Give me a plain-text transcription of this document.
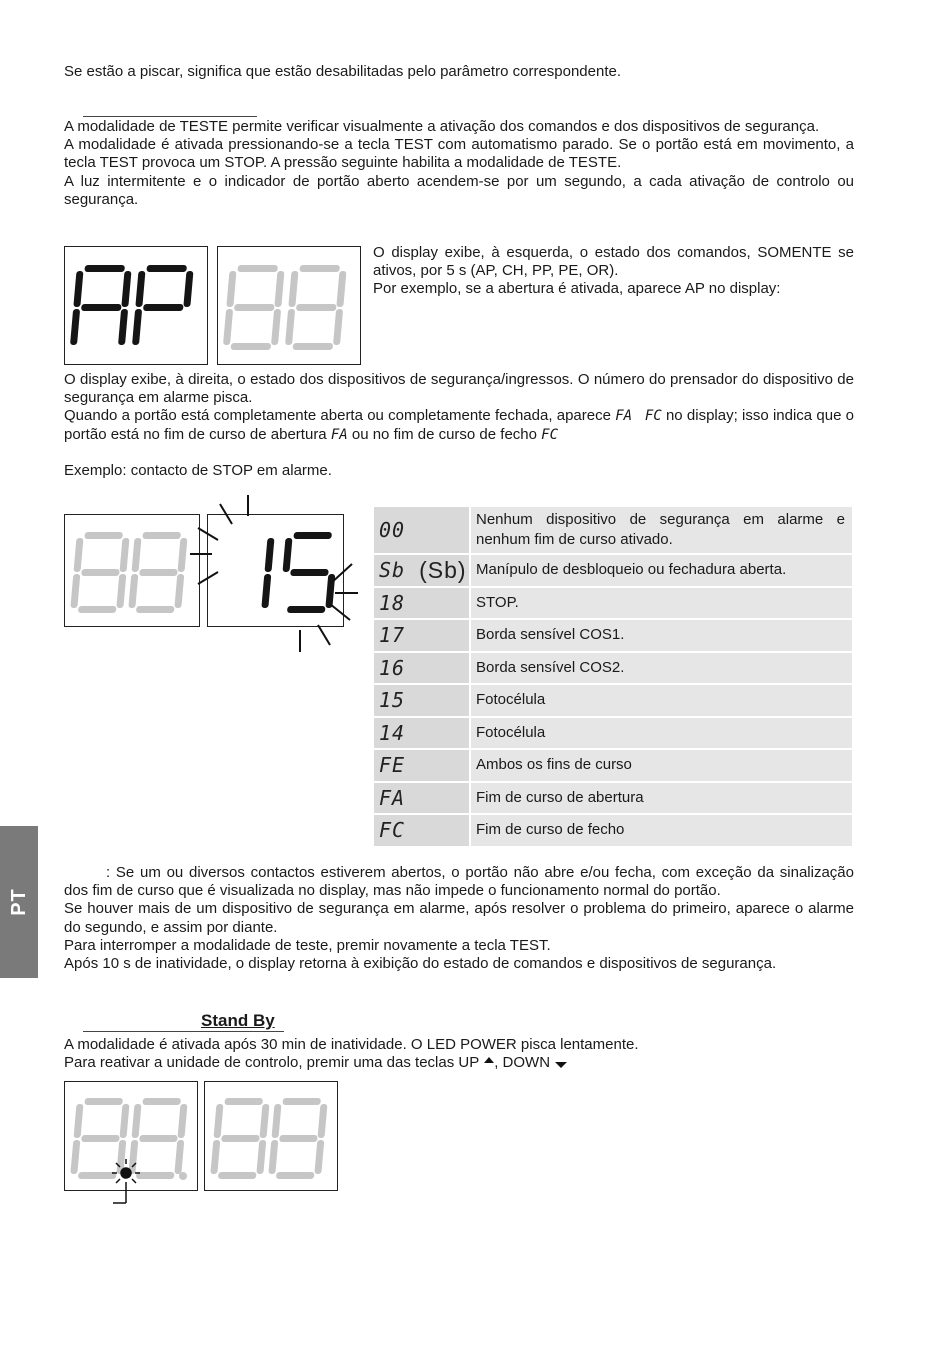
Se estão a piscar, significa que estão desabilitadas pelo parâmetro correspondente.

A modalidade de TESTE permite verificar visualmente a ativação dos comandos e dos dispositivos de segurança.

A modalidade é ativada pressionando-se a tecla TEST com automatismo parado. Se o portão está em movimento, a tecla TEST provoca um STOP. A pressão seguinte habilita a modalidade de TESTE.

A luz intermitente e o indicador de portão aberto acendem-se por um segundo, a cada ativação de controlo ou segurança.

O display exibe, à esquerda, o estado dos comandos, SOMENTE se ativos, por 5 s (AP, CH, PP, PE, OR).

Por exemplo, se a abertura é ativada, aparece AP no display:

O display exibe, à direita, o estado dos dispositivos de segurança/ingressos. O número do prensador do dispositivo de segurança em alarme pisca.

Quando a portão está completamente aberta ou completamente fechada, aparece FA FC no display; isso indica que o portão está no fim de curso de abertura FA ou no fim de curso de fecho FC

Exemplo: contacto de STOP em alarme.

00	Nenhum dispositivo de segurança em alarme e nenhum fim de curso ativado.
Sb (Sb) Manípulo de desbloqueio ou fechadura aberta.
18	STOP.
17	Borda sensível COS1.
16	Borda sensível COS2.
15	Fotocélula
14	Fotocélula
FE	Ambos os fins de curso
FA	Fim de curso de abertura
FC	Fim de curso de fecho
PT

: Se um ou diversos contactos estiverem abertos, o portão não abre e/ou fecha, com exceção da sinalização dos fim de curso que é visualizada no display, mas não impede o funcionamento normal do portão.

Se houver mais de um dispositivo de segurança em alarme, após resolver o problema do primeiro, aparece o alarme do segundo, e assim por diante.

Para interromper a modalidade de teste, premir novamente a tecla TEST.

Após 10 s de inatividade, o display retorna à exibição do estado de comandos e dispositivos de segurança.

Stand By

A modalidade é ativada após 30 min de inatividade. O LED POWER pisca lentamente.

Para reativar a unidade de controlo, premir uma das teclas UP , DOWN
